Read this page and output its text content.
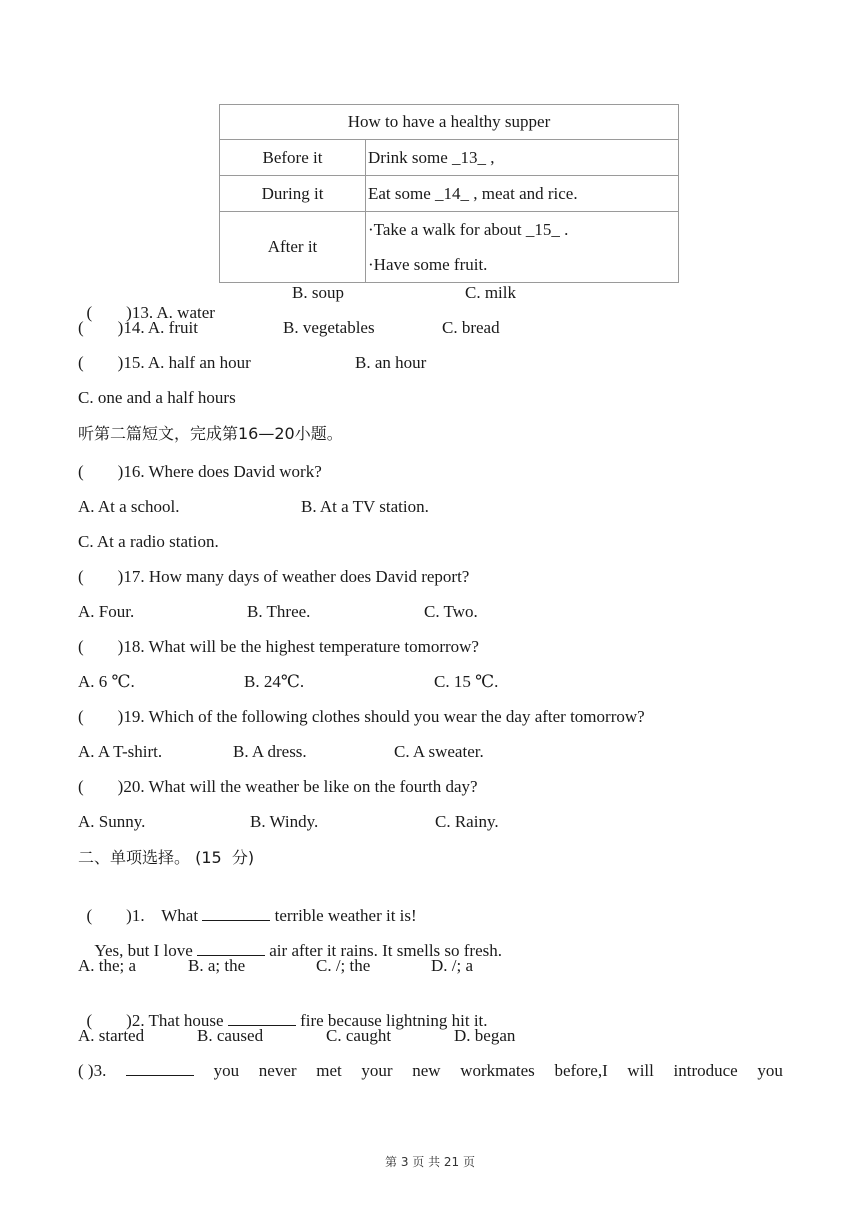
How to have a healthy supper	
Before it	Drink some _13_ ,

During it	Eat some _14_ , meat and rice.

After it	·Take a walk for about _15_ .
·Have some fruit.

(        )13. A. water

B. soup	C. milk
(        )14. A. fruit	B. vegetables	C. bread
(        )15. A. half an hour	B. an hour
C. one and a half hours
听第二篇短文，完成第16—20小题。
(        )16. Where does David work?
A. At a school.	B. At a TV station.
C. At a radio station.
(        )17. How many days of weather does David report?
A. Four.	B. Three.	C. Two.
(        )18. What will be the highest temperature tomorrow?
A. 6 ℃.	B. 24℃.	C. 15 ℃.
(        )19. Which of the following clothes should you wear the day after tomorrow?
A. A T-shirt.	B. A dress.	C. A sweater.
(        )20. What will the weather be like on the fourth day?
A. Sunny.	B. Windy.	C. Rainy.
二、单项选择。 (15  分)

(        )1.    What	terrible weather it is!

Yes, but I love	air after it rains. It smells so fresh.

A. the; a	B. a; the	C. /; the	D. /; a

(        )2. That house	fire because lightning hit it.

A. started	B. caused	C. caught	D. began
( )3.	you never met your new workmates before,I will introduce you
第 3 页 共 21 页
